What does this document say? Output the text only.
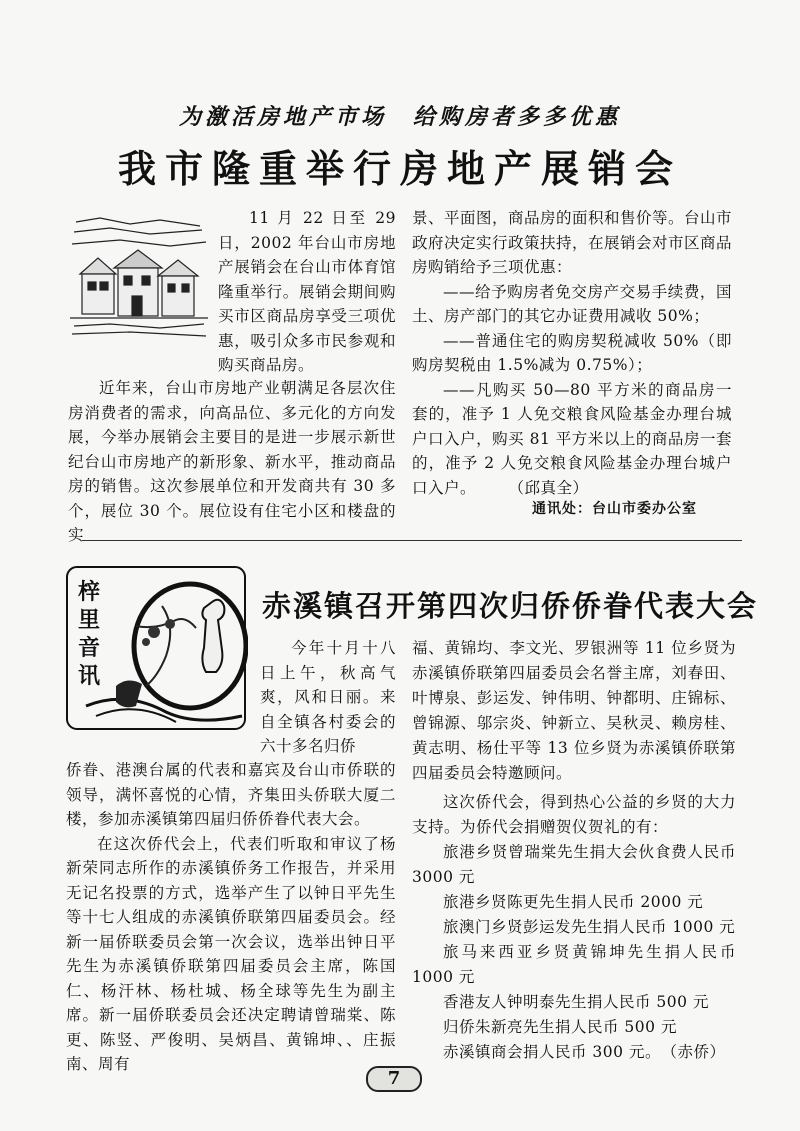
为激活房地产市场　给购房者多多优惠
我市隆重举行房地产展销会

11 月 22 日至 29 日，2002 年台山市房地产展销会在台山市体育馆隆重举行。展销会期间购买市区商品房享受三项优惠，吸引众多市民参观和购买商品房。

近年来，台山市房地产业朝满足各层次住房消费者的需求，向高品位、多元化的方向发展，今举办展销会主要目的是进一步展示新世纪台山市房地产的新形象、新水平，推动商品房的销售。这次参展单位和开发商共有 30 多个，展位 30 个。展位设有住宅小区和楼盘的实

景、平面图，商品房的面积和售价等。台山市政府决定实行政策扶持，在展销会对市区商品房购销给予三项优惠：

——给予购房者免交房产交易手续费，国土、房产部门的其它办证费用减收 50%；

——普通住宅的购房契税减收 50%（即购房契税由 1.5%减为 0.75%）；

——凡购买 50—80 平方米的商品房一套的，准予 1 人免交粮食风险基金办理台城户口入户，购买 81 平方米以上的商品房一套的，准予 2 人免交粮食风险基金办理台城户口入户。　　　（邱真全）

通讯处：台山市委办公室
梓里音讯
赤溪镇召开第四次归侨侨眷代表大会

今年十月十八日上午，秋高气爽，风和日丽。来自全镇各村委会的六十多名归侨

侨眷、港澳台属的代表和嘉宾及台山市侨联的领导，满怀喜悦的心情，齐集田头侨联大厦二楼，参加赤溪镇第四届归侨侨眷代表大会。

在这次侨代会上，代表们听取和审议了杨新荣同志所作的赤溪镇侨务工作报告，并采用无记名投票的方式，选举产生了以钟日平先生等十七人组成的赤溪镇侨联第四届委员会。经新一届侨联委员会第一次会议，选举出钟日平先生为赤溪镇侨联第四届委员会主席，陈国仁、杨汗林、杨杜城、杨全球等先生为副主席。新一届侨联委员会还决定聘请曾瑞棠、陈更、陈竖、严俊明、吴炳昌、黄锦坤、、庄振南、周有

福、黄锦均、李文光、罗银洲等 11 位乡贤为赤溪镇侨联第四届委员会名誉主席，刘春田、叶博泉、彭运发、钟伟明、钟都明、庄锦标、曾锦源、邬宗炎、钟新立、吴秋灵、赖房桂、黄志明、杨仕平等 13 位乡贤为赤溪镇侨联第四届委员会特邀顾问。

这次侨代会，得到热心公益的乡贤的大力支持。为侨代会捐赠贺仪贺礼的有：

旅港乡贤曾瑞棠先生捐大会伙食费人民币 3000 元

旅港乡贤陈更先生捐人民币 2000 元

旅澳门乡贤彭运发先生捐人民币 1000 元

旅马来西亚乡贤黄锦坤先生捐人民币 1000 元

香港友人钟明泰先生捐人民币 500 元

归侨朱新亮先生捐人民币 500 元

赤溪镇商会捐人民币 300 元。　（赤侨）

7
